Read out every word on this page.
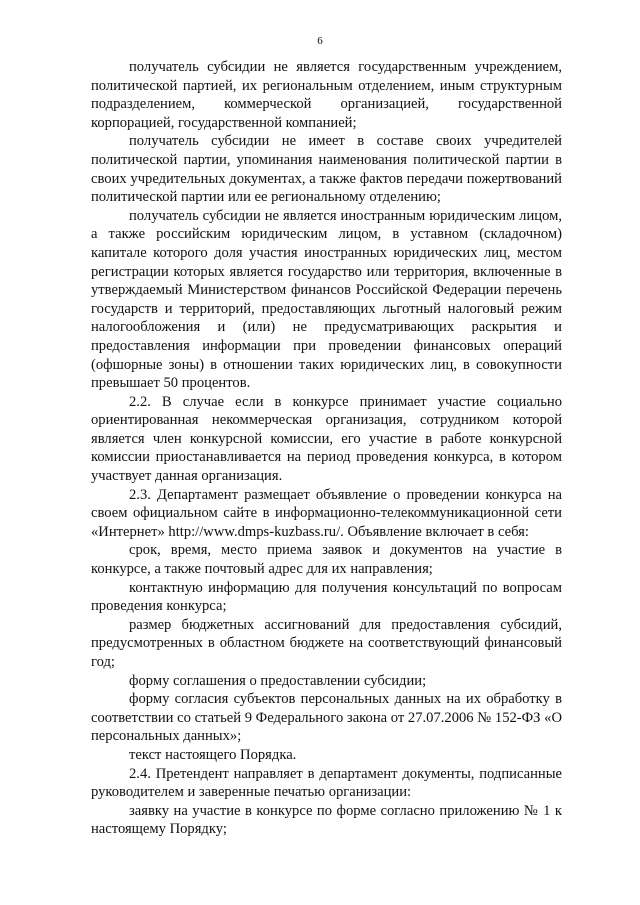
6

получатель субсидии не является государственным учреждением, политической партией, их региональным отделением, иным структурным подразделением, коммерческой организацией, государственной корпорацией, государственной компанией;

получатель субсидии не имеет в составе своих учредителей политической партии, упоминания наименования политической партии в своих учредительных документах, а также фактов передачи пожертвований политической партии или ее региональному отделению;

получатель субсидии не является иностранным юридическим лицом, а также российским юридическим лицом, в уставном (складочном) капитале которого доля участия иностранных юридических лиц, местом регистрации которых является государство или территория, включенные в утверждаемый Министерством финансов Российской Федерации перечень государств и территорий, предоставляющих льготный налоговый режим налогообложения и (или) не предусматривающих раскрытия и предоставления информации при проведении финансовых операций (офшорные зоны) в отношении таких юридических лиц, в совокупности превышает 50 процентов.

2.2. В случае если в конкурсе принимает участие социально ориентированная некоммерческая организация, сотрудником которой является член конкурсной комиссии, его участие в работе конкурсной комиссии приостанавливается на период проведения конкурса, в котором участвует данная организация.

2.3. Департамент размещает объявление о проведении конкурса на своем официальном сайте в информационно-телекоммуникационной сети «Интернет» http://www.dmps-kuzbass.ru/. Объявление включает в себя:

срок, время, место приема заявок и документов на участие в конкурсе, а также почтовый адрес для их направления;

контактную информацию для получения консультаций по вопросам проведения конкурса;

размер бюджетных ассигнований для предоставления субсидий, предусмотренных в областном бюджете на соответствующий финансовый год;

форму соглашения о предоставлении субсидии;

форму согласия субъектов персональных данных на их обработку в соответствии со статьей 9 Федерального закона от 27.07.2006 № 152-ФЗ «О персональных данных»;

текст настоящего Порядка.

2.4. Претендент направляет в департамент документы, подписанные руководителем и заверенные печатью организации:

заявку на участие в конкурсе по форме согласно приложению № 1 к настоящему Порядку;
